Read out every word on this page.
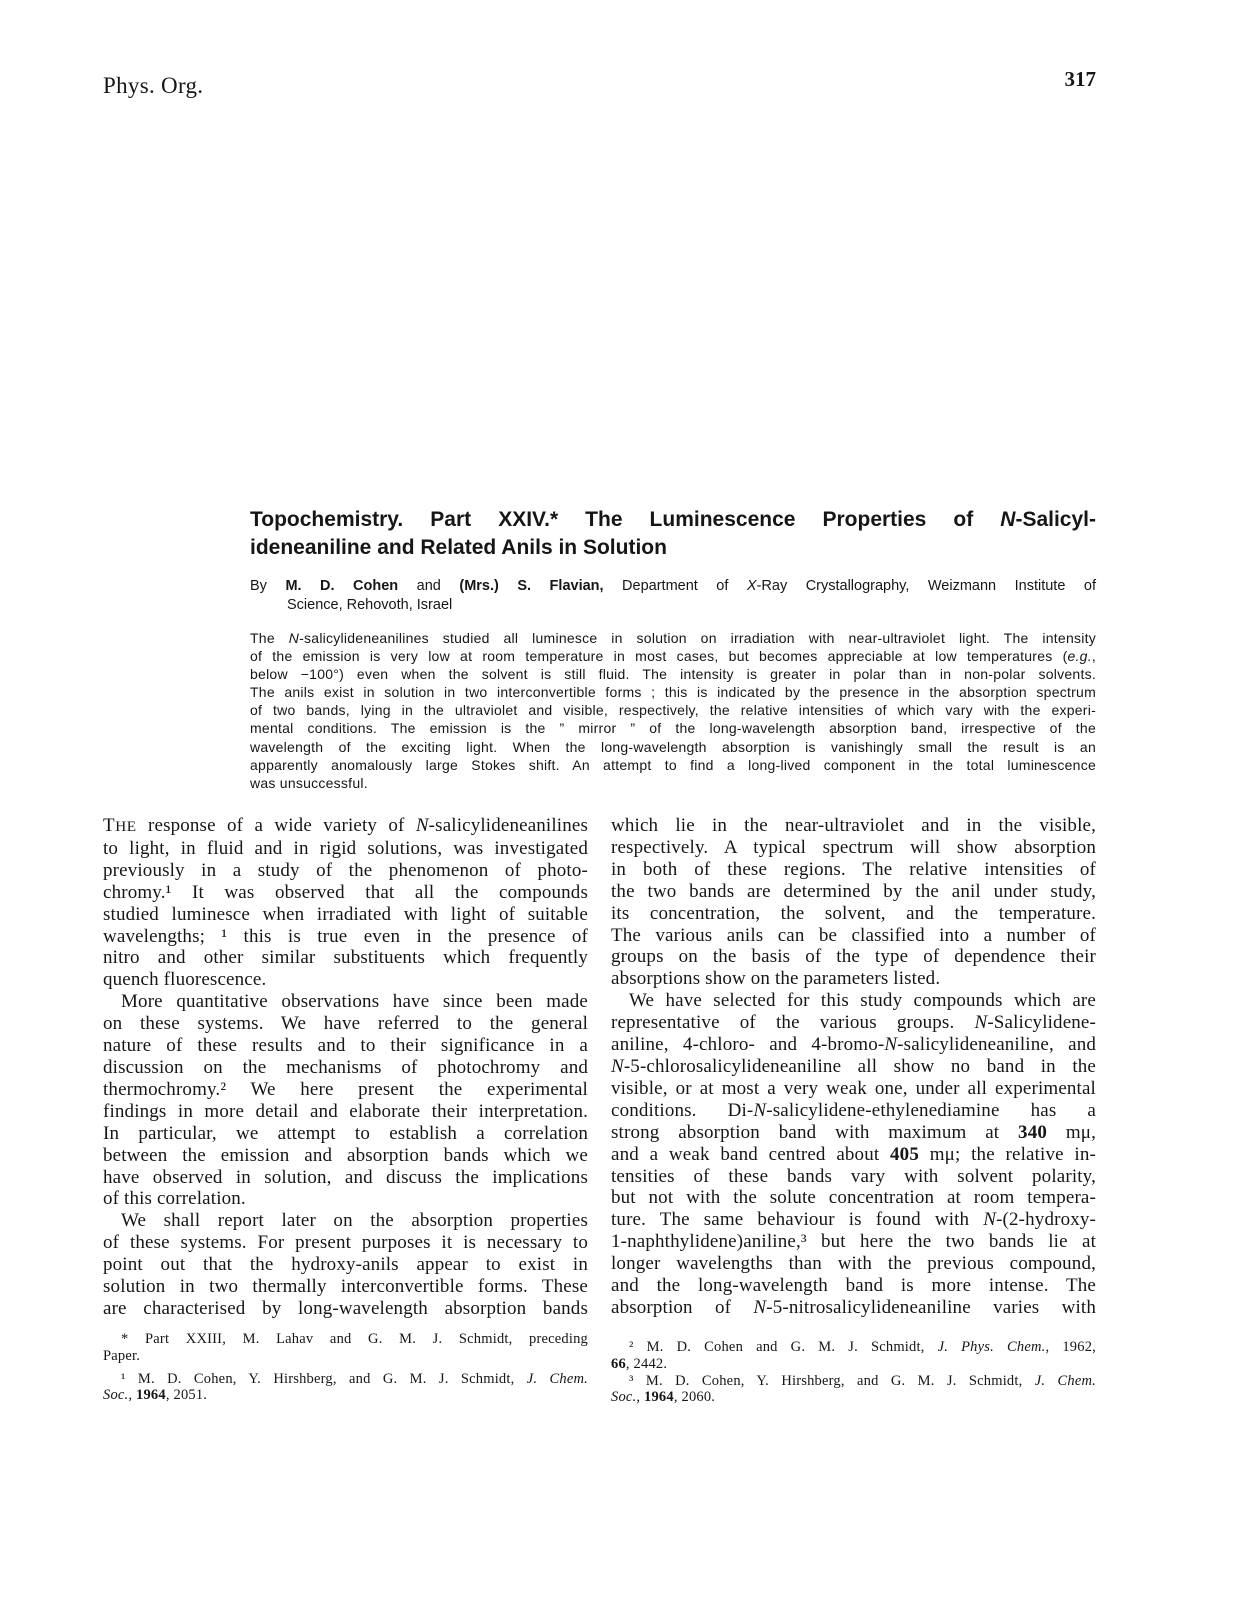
Phys. Org.	317
Topochemistry. Part XXIV.* The Luminescence Properties of N-Salicyl-
ideneaniline and Related Anils in Solution
By M. D. Cohen and (Mrs.) S. Flavian, Department of X-Ray Crystallography, Weizmann Institute of
Science, Rehovoth, Israel
The N-salicylideneanilines studied all luminesce in solution on irradiation with near-ultraviolet light. The intensity
of the emission is very low at room temperature in most cases, but becomes appreciable at low temperatures (e.g.,
below −100°) even when the solvent is still fluid. The intensity is greater in polar than in non-polar solvents.
The anils exist in solution in two interconvertible forms ; this is indicated by the presence in the absorption spectrum
of two bands, lying in the ultraviolet and visible, respectively, the relative intensities of which vary with the experi-
mental conditions. The emission is the ” mirror ” of the long-wavelength absorption band, irrespective of the
wavelength of the exciting light. When the long-wavelength absorption is vanishingly small the result is an
apparently anomalously large Stokes shift. An attempt to find a long-lived component in the total luminescence
was unsuccessful.
THE response of a wide variety of N-salicylideneanilines
to light, in fluid and in rigid solutions, was investigated
previously in a study of the phenomenon of photo-
chromy.¹ It was observed that all the compounds
studied luminesce when irradiated with light of suitable
wavelengths; ¹ this is true even in the presence of
nitro and other similar substituents which frequently
quench fluorescence.
More quantitative observations have since been made
on these systems. We have referred to the general
nature of these results and to their significance in a
discussion on the mechanisms of photochromy and
thermochromy.² We here present the experimental
findings in more detail and elaborate their interpretation.
In particular, we attempt to establish a correlation
between the emission and absorption bands which we
have observed in solution, and discuss the implications
of this correlation.
We shall report later on the absorption properties
of these systems. For present purposes it is necessary to
point out that the hydroxy-anils appear to exist in
solution in two thermally interconvertible forms. These
are characterised by long-wavelength absorption bands
which lie in the near-ultraviolet and in the visible,
respectively. A typical spectrum will show absorption
in both of these regions. The relative intensities of
the two bands are determined by the anil under study,
its concentration, the solvent, and the temperature.
The various anils can be classified into a number of
groups on the basis of the type of dependence their
absorptions show on the parameters listed.
We have selected for this study compounds which are
representative of the various groups. N-Salicylidene-
aniline, 4-chloro- and 4-bromo-N-salicylideneaniline, and
N-5-chlorosalicylideneaniline all show no band in the
visible, or at most a very weak one, under all experimental
conditions. Di-N-salicylidene-ethylenediamine has a
strong absorption band with maximum at 340 mμ,
and a weak band centred about 405 mμ; the relative in-
tensities of these bands vary with solvent polarity,
but not with the solute concentration at room tempera-
ture. The same behaviour is found with N-(2-hydroxy-
1-naphthylidene)aniline,³ but here the two bands lie at
longer wavelengths than with the previous compound,
and the long-wavelength band is more intense. The
absorption of N-5-nitrosalicylideneaniline varies with
* Part XXIII, M. Lahav and G. M. J. Schmidt, preceding
Paper.
¹ M. D. Cohen, Y. Hirshberg, and G. M. J. Schmidt, J. Chem.
Soc., 1964, 2051.
² M. D. Cohen and G. M. J. Schmidt, J. Phys. Chem., 1962,
66, 2442.
³ M. D. Cohen, Y. Hirshberg, and G. M. J. Schmidt, J. Chem.
Soc., 1964, 2060.
